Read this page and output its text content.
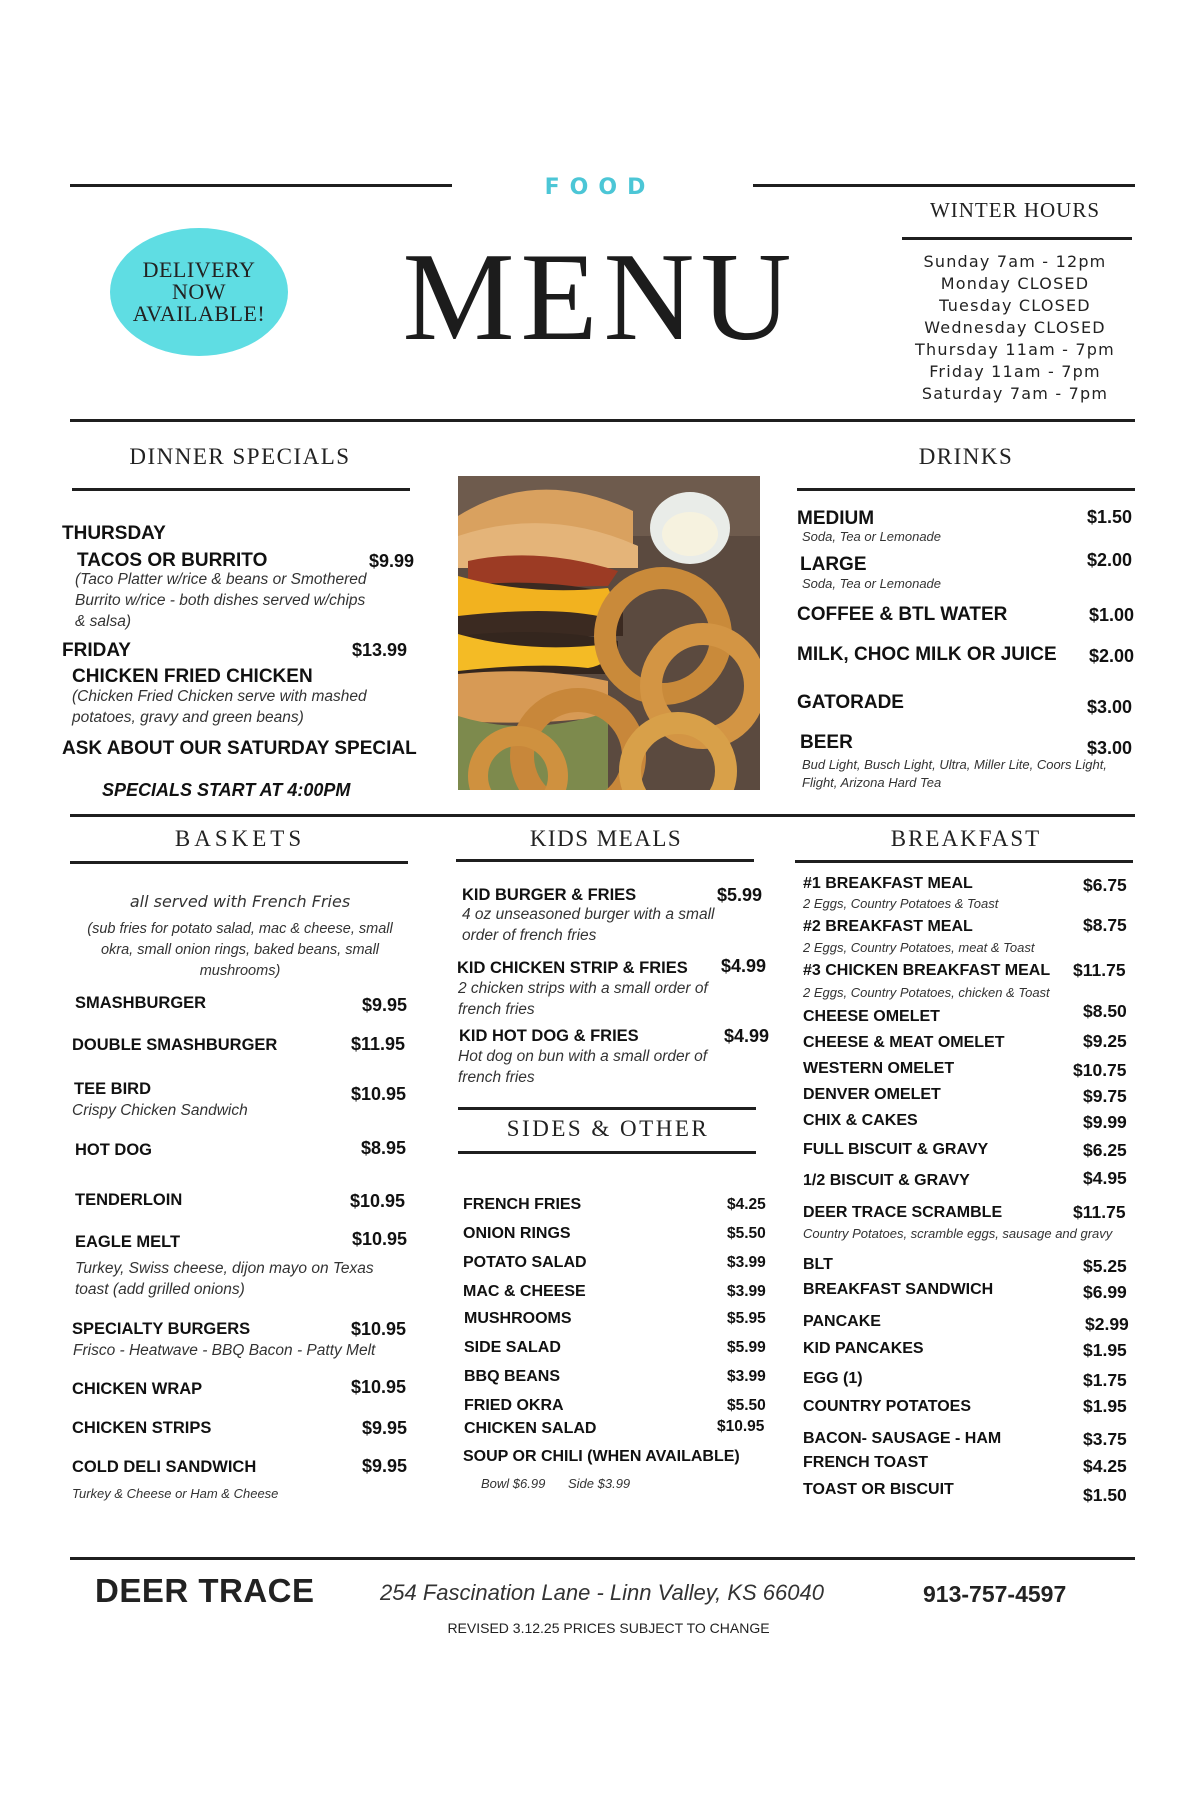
FOOD
DELIVERY
NOW
AVAILABLE! MENU
WINTER HOURS
Sunday 7am - 12pm
Monday CLOSED
Tuesday CLOSED
Wednesday CLOSED
Thursday 11am - 7pm
Friday 11am - 7pm
Saturday 7am - 7pm
DINNER SPECIALS
THURSDAY
TACOS OR BURRITO	$9.99
(Taco Platter w/rice & beans or Smothered
Burrito w/rice - both dishes served w/chips
& salsa)
FRIDAY	$13.99
CHICKEN FRIED CHICKEN
(Chicken Fried Chicken serve with mashed
potatoes, gravy and green beans)
ASK ABOUT OUR SATURDAY SPECIAL
SPECIALS START AT 4:00PM
DRINKS
MEDIUM	$1.50
Soda, Tea or Lemonade
LARGE	$2.00
Soda, Tea or Lemonade
COFFEE & BTL WATER	$1.00
MILK, CHOC MILK OR JUICE $2.00
GATORADE	$3.00
BEER	$3.00
Bud Light, Busch Light, Ultra, Miller Lite, Coors Light,
Flight, Arizona Hard Tea
BASKETS
all served with French Fries
(sub fries for potato salad, mac & cheese, small
okra, small onion rings, baked beans, small
mushrooms)
SMASHBURGER	$9.95
DOUBLE SMASHBURGER	$11.95
TEE BIRD	$10.95
Crispy Chicken Sandwich
HOT DOG	$8.95
TENDERLOIN	$10.95
EAGLE MELT	$10.95
Turkey, Swiss cheese, dijon mayo on Texas
toast (add grilled onions)
SPECIALTY BURGERS	$10.95
Frisco - Heatwave - BBQ Bacon - Patty Melt
CHICKEN WRAP	$10.95
CHICKEN STRIPS	$9.95
COLD DELI SANDWICH	$9.95
Turkey & Cheese or Ham & Cheese
KIDS MEALS
KID BURGER & FRIES	$5.99
4 oz unseasoned burger with a small
order of french fries
KID CHICKEN STRIP & FRIES $4.99
2 chicken strips with a small order of
french fries
KID HOT DOG & FRIES	$4.99
Hot dog on bun with a small order of
french fries
SIDES & OTHER
FRENCH FRIES	$4.25
ONION RINGS	$5.50
POTATO SALAD	$3.99
MAC & CHEESE	$3.99
MUSHROOMS	$5.95
SIDE SALAD	$5.99
BBQ BEANS	$3.99
FRIED OKRA	$5.50
CHICKEN SALAD	$10.95
SOUP OR CHILI (WHEN AVAILABLE)
Bowl $6.99 Side $3.99
BREAKFAST
#1 BREAKFAST MEAL	$6.75
2 Eggs, Country Potatoes & Toast
#2 BREAKFAST MEAL	$8.75
2 Eggs, Country Potatoes, meat & Toast
#3 CHICKEN BREAKFAST MEAL $11.75
2 Eggs, Country Potatoes, chicken & Toast
CHEESE OMELET	$8.50
CHEESE & MEAT OMELET	$9.25
WESTERN OMELET	$10.75
DENVER OMELET	$9.75
CHIX & CAKES	$9.99
FULL BISCUIT & GRAVY	$6.25
1/2 BISCUIT & GRAVY	$4.95
DEER TRACE SCRAMBLE	$11.75
Country Potatoes, scramble eggs, sausage and gravy
BLT	$5.25
BREAKFAST SANDWICH	$6.99
PANCAKE	$2.99
KID PANCAKES	$1.95
EGG (1)	$1.75
COUNTRY POTATOES	$1.95
BACON- SAUSAGE - HAM	$3.75
FRENCH TOAST	$4.25
TOAST OR BISCUIT	$1.50
DEER TRACE	254 Fascination Lane - Linn Valley, KS 66040	913-757-4597
REVISED 3.12.25 PRICES SUBJECT TO CHANGE
